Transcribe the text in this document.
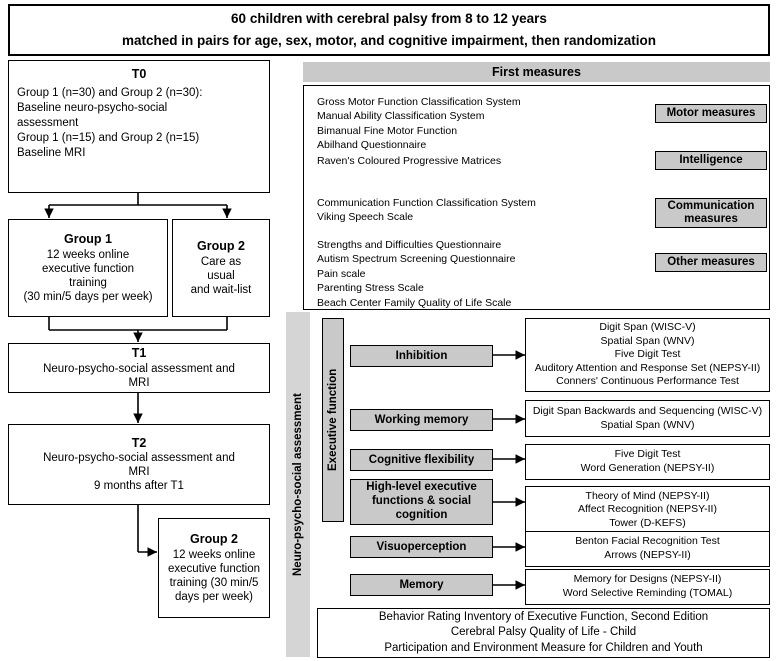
60 children with cerebral palsy from 8 to 12 years
matched in pairs for age, sex, motor, and cognitive impairment, then randomization
T0
Group 1 (n=30) and Group 2 (n=30):
Baseline neuro-psycho-social
assessment
Group 1 (n=15) and Group 2 (n=15)
Baseline MRI
Group 1
12 weeks online
executive function
training
(30 min/5 days per week)
Group 2
Care as
usual
and wait-list
T1
Neuro-psycho-social assessment and
MRI
T2
Neuro-psycho-social assessment and
MRI
9 months after T1
Group 2
12 weeks online
executive function
training (30 min/5
days per week)
First measures
Gross Motor Function Classification System
Manual Ability Classification System
Bimanual Fine Motor Function
Abilhand Questionnaire
Motor measures
Raven's Coloured Progressive Matrices	Intelligence
Communication Function Classification System
Viking Speech Scale
Communication measures
Strengths and Difficulties Questionnaire
Autism Spectrum Screening Questionnaire
Pain scale
Parenting Stress Scale
Beach Center Family Quality of Life Scale
Other measures
Neuro-psycho-social assessment	Executive function
Inhibition
Working memory
Cognitive flexibility
High-level executive functions & social cognition
Visuoperception
Memory
Digit Span (WISC-V)
Spatial Span (WNV)
Five Digit Test
Auditory Attention and Response Set (NEPSY-II)
Conners' Continuous Performance Test
Digit Span Backwards and Sequencing (WISC-V)
Spatial Span (WNV)
Five Digit Test
Word Generation (NEPSY-II)
Theory of Mind (NEPSY-II)
Affect Recognition (NEPSY-II)
Tower (D-KEFS)
Benton Facial Recognition Test
Arrows (NEPSY-II)
Memory for Designs (NEPSY-II)
Word Selective Reminding (TOMAL)
Behavior Rating Inventory of Executive Function, Second Edition
Cerebral Palsy Quality of Life - Child
Participation and Environment Measure for Children and Youth
